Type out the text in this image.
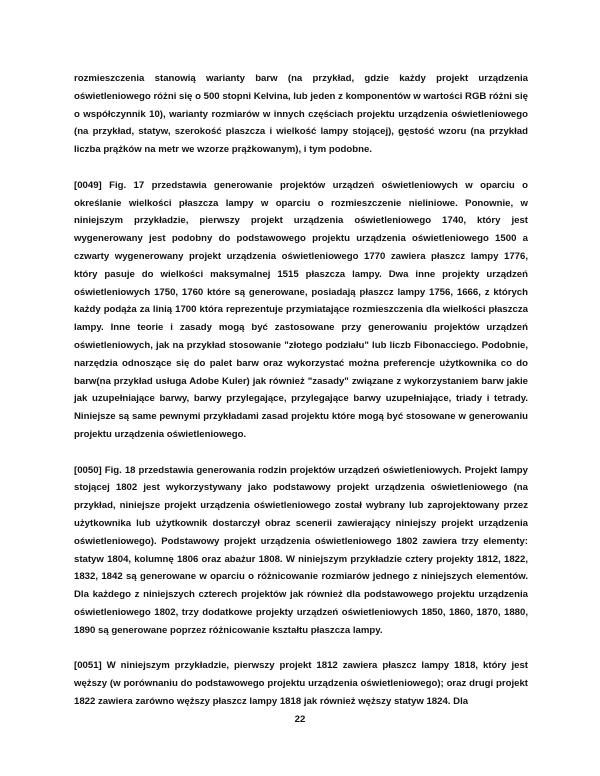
rozmieszczenia stanowią warianty barw (na przykład, gdzie każdy projekt urządzenia oświetleniowego różni się o 500 stopni Kelvina, lub jeden z komponentów w wartości RGB różni się o współczynnik 10), warianty rozmiarów w innych częściach projektu urządzenia oświetleniowego (na przykład, statyw, szerokość plaszcza i wielkość lampy stojącej), gęstość wzoru (na przykład liczba prążków na metr we wzorze prążkowanym), i tym podobne.

[0049] Fig. 17 przedstawia generowanie projektów urządzeń oświetleniowych w oparciu o określanie wielkości płaszcza lampy w oparciu o rozmieszczenie nieliniowe. Ponownie, w niniejszym przykładzie, pierwszy projekt urządzenia oświetleniowego 1740, który jest wygenerowany jest podobny do podstawowego projektu urządzenia oświetleniowego 1500 a czwarty wygenerowany projekt urządzenia oświetleniowego 1770 zawiera płaszcz lampy 1776, który pasuje do wielkości maksymalnej 1515 płaszcza lampy. Dwa inne projekty urządzeń oświetleniowych 1750, 1760 które są generowane, posiadają płaszcz lampy 1756, 1666, z których każdy podąża za linią 1700 która reprezentuje przymiatające rozmieszczenia dla wielkości płaszcza lampy. Inne teorie i zasady mogą być zastosowane przy generowaniu projektów urządzeń oświetleniowych, jak na przykład stosowanie "złotego podziału" lub liczb Fibonacciego. Podobnie, narzędzia odnoszące się do palet barw oraz wykorzystać można preferencje użytkownika co do barw(na przykład usługa Adobe Kuler) jak również "zasady" związane z wykorzystaniem barw jakie jak uzupełniające barwy, barwy przylegające, przylegające barwy uzupełniające, triady i tetrady. Niniejsze są same pewnymi przykładami zasad projektu które mogą być stosowane w generowaniu projektu urządzenia oświetleniowego.

[0050] Fig. 18 przedstawia generowania rodzin projektów urządzeń oświetleniowych. Projekt lampy stojącej 1802 jest wykorzystywany jako podstawowy projekt urządzenia oświetleniowego (na przykład, niniejsze projekt urządzenia oświetleniowego został wybrany lub zaprojektowany przez użytkownika lub użytkownik dostarczył obraz scenerii zawierający niniejszy projekt urządzenia oświetleniowego). Podstawowy projekt urządzenia oświetleniowego 1802 zawiera trzy elementy: statyw 1804, kolumnę 1806 oraz abażur 1808. W niniejszym przykładzie cztery projekty 1812, 1822, 1832, 1842 są generowane w oparciu o różnicowanie rozmiarów jednego z niniejszych elementów. Dla każdego z niniejszych czterech projektów jak również dla podstawowego projektu urządzenia oświetleniowego 1802, trzy dodatkowe projekty urządzeń oświetleniowych 1850, 1860, 1870, 1880, 1890 są generowane poprzez różnicowanie kształtu płaszcza lampy.

[0051] W niniejszym przykładzie, pierwszy projekt 1812 zawiera płaszcz lampy 1818, który jest węższy (w porównaniu do podstawowego projektu urządzenia oświetleniowego); oraz drugi projekt 1822 zawiera zarówno węższy płaszcz lampy 1818 jak również węższy statyw 1824. Dla

22
